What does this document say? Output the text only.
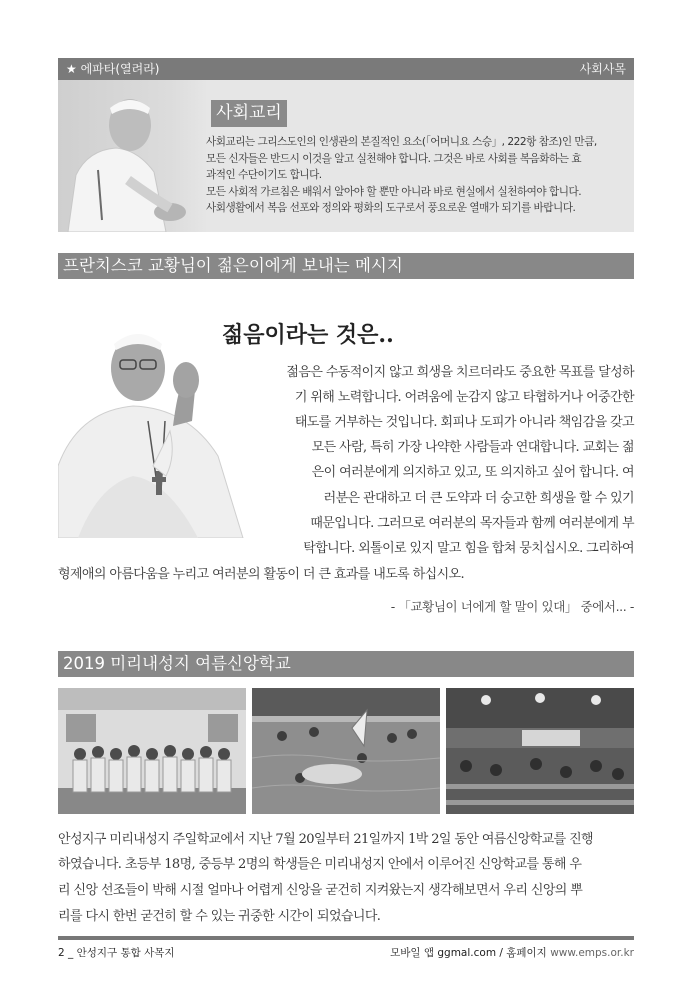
★ 에파타(열려라)	사회사목
사회교리

사회교리는 그리스도인의 인생관의 본질적인 요소(「어머니요 스승」, 222항 참조)인 만큼,

모든 신자들은 반드시 이것을 알고 실천해야 합니다. 그것은 바로 사회를 복음화하는 효

과적인 수단이기도 합니다.

모든 사회적 가르침은 배워서 알아야 할 뿐만 아니라 바로 현실에서 실천하여야 합니다.

사회생활에서 복음 선포와 정의와 평화의 도구로서 풍요로운 열매가 되기를 바랍니다.

프란치스코 교황님이 젊은이에게 보내는 메시지
젊음이라는 것은..
젊음은 수동적이지 않고 희생을 치르더라도 중요한 목표를 달성하
기 위해 노력합니다. 어려움에 눈감지 않고 타협하거나 어중간한
태도를 거부하는 것입니다. 회피나 도피가 아니라 책임감을 갖고
모든 사람, 특히 가장 나약한 사람들과 연대합니다. 교회는 젊
은이 여러분에게 의지하고 있고, 또 의지하고 싶어 합니다. 여
러분은 관대하고 더 큰 도약과 더 숭고한 희생을 할 수 있기
때문입니다. 그러므로 여러분의 목자들과 함께 여러분에게 부
탁합니다. 외톨이로 있지 말고 힘을 합쳐 뭉치십시오. 그리하여
형제애의 아름다움을 누리고 여러분의 활동이 더 큰 효과를 내도록 하십시오.
- 「교황님이 너에게 할 말이 있대」 중에서... -
2019 미리내성지 여름신앙학교
안성지구 미리내성지 주일학교에서 지난 7월 20일부터 21일까지 1박 2일 동안 여름신앙학교를 진행
하였습니다. 초등부 18명, 중등부 2명의 학생들은 미리내성지 안에서 이루어진 신앙학교를 통해 우
리 신앙 선조들이 박해 시절 얼마나 어렵게 신앙을 굳건히 지켜왔는지 생각해보면서 우리 신앙의 뿌
리를 다시 한번 굳건히 할 수 있는 귀중한 시간이 되었습니다.
2 _ 안성지구 통합 사목지	모바일 앱 ggmal.com / 홈페이지 www.emps.or.kr
